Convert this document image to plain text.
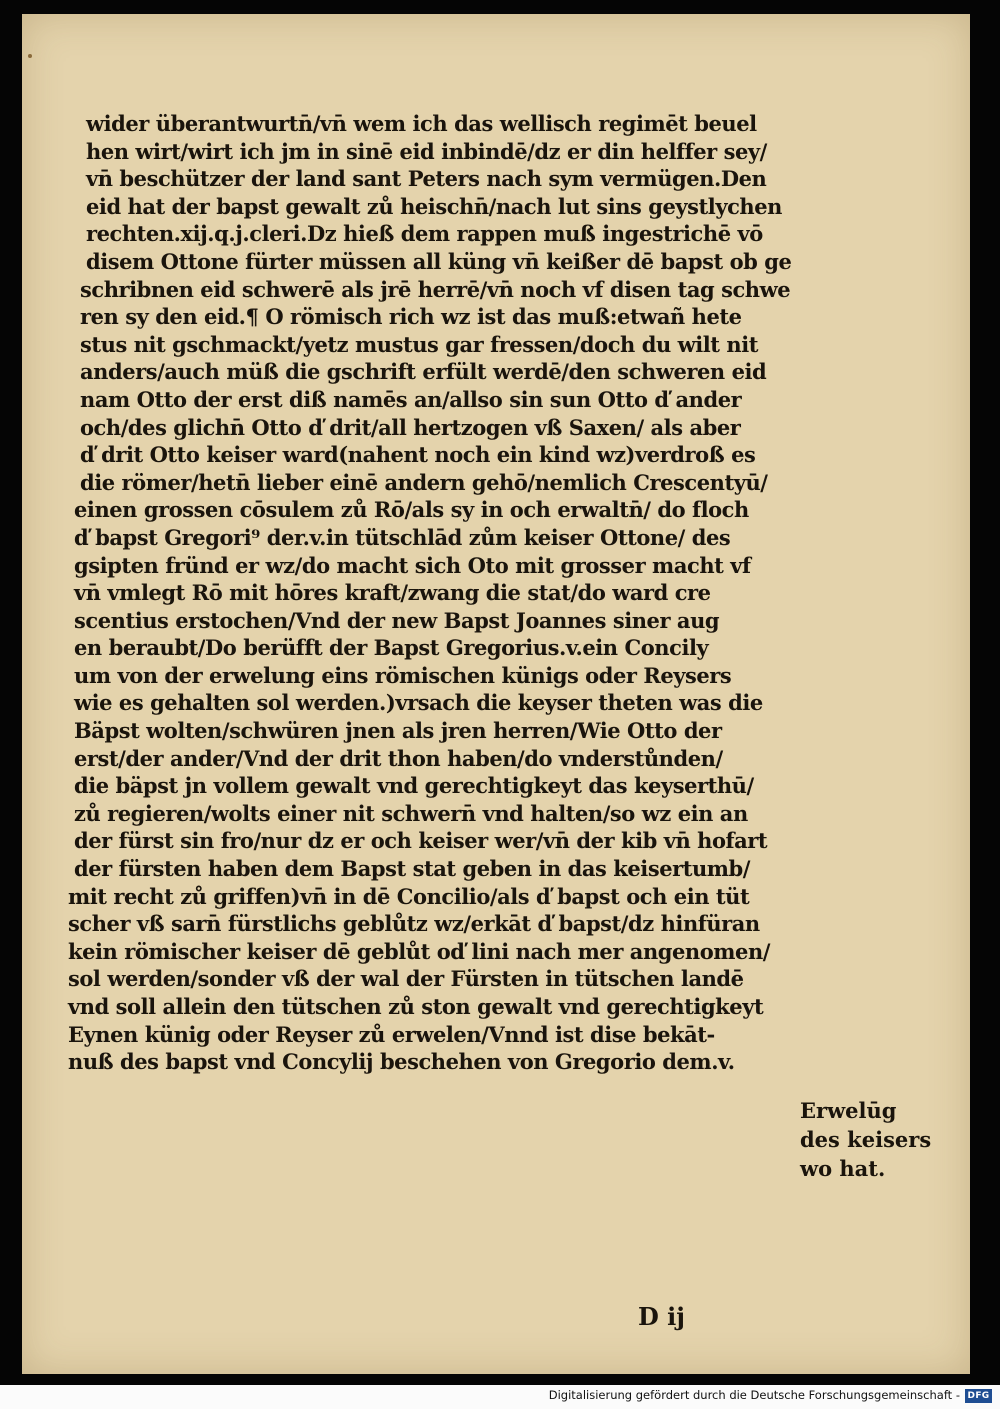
wider überantwurtn̄/vn̄ wem ich das wellisch regimēt beuel
hen wirt/wirt ich jm in sinē eid inbindē/dz er din helffer sey/
vn̄ beschützer der land sant Peters nach sym vermügen.Den
eid hat der bapst gewalt zů heischn̄/nach lut sins geystlychen
rechten.xij.q.j.cleri.Dz hieß dem rappen muß ingestrichē vō
disem Ottone fürter müssen all küng vn̄ keißer dē bapst ob ge
schribnen eid schwerē als jrē herrē/vn̄ noch vf disen tag schwe
ren sy den eid.¶ O römisch rich wz ist das muß:etwañ hete
stus nit gschmackt/yetz mustus gar fressen/doch du wilt nit
anders/auch müß die gschrift erfült werdē/den schweren eid
nam Otto der erst diß namēs an/allso sin sun Otto ď ander
och/des glichn̄ Otto ď drit/all hertzogen vß Saxen/ als aber
ď drit Otto keiser ward(nahent noch ein kind wz)verdroß es
die römer/hetn̄ lieber einē andern gehō/nemlich Crescentyū/
einen grossen cōsulem zů Rō/als sy in och erwaltn̄/ do floch
ď bapst Gregori⁹ der.v.in tütschlād zům keiser Ottone/ des
gsipten fründ er wz/do macht sich Oto mit grosser macht vf
vn̄ vmlegt Rō mit hōres kraft/zwang die stat/do ward cre
scentius erstochen/Vnd der new Bapst Joannes siner aug
en beraubt/Do berüfft der Bapst Gregorius.v.ein Concily
um von der erwelung eins römischen künigs oder Reysers
wie es gehalten sol werden.)vrsach die keyser theten was die
Bäpst wolten/schwüren jnen als jren herren/Wie Otto der
erst/der ander/Vnd der drit thon haben/do vnderstůnden/
die bäpst jn vollem gewalt vnd gerechtigkeyt das keyserthū/
zů regieren/wolts einer nit schwern̄ vnd halten/so wz ein an
der fürst sin fro/nur dz er och keiser wer/vn̄ der kib vn̄ hofart
der fürsten haben dem Bapst stat geben in das keisertumb/
mit recht zů griffen)vn̄ in dē Concilio/als ď bapst och ein tüt
scher vß sarn̄ fürstlichs geblůtz wz/erkāt ď bapst/dz hinfüran
kein römischer keiser dē geblůt oď lini nach mer angenomen/
sol werden/sonder vß der wal der Fürsten in tütschen landē
vnd soll allein den tütschen zů ston gewalt vnd gerechtigkeyt
Eynen künig oder Reyser zů erwelen/Vnnd ist dise bekāt-
nuß des bapst vnd Concylij beschehen von Gregorio dem.v.
Erwelūg
des keisers
wo hat.
D ij
Digitalisierung gefördert durch die Deutsche Forschungsgemeinschaft - DFG
